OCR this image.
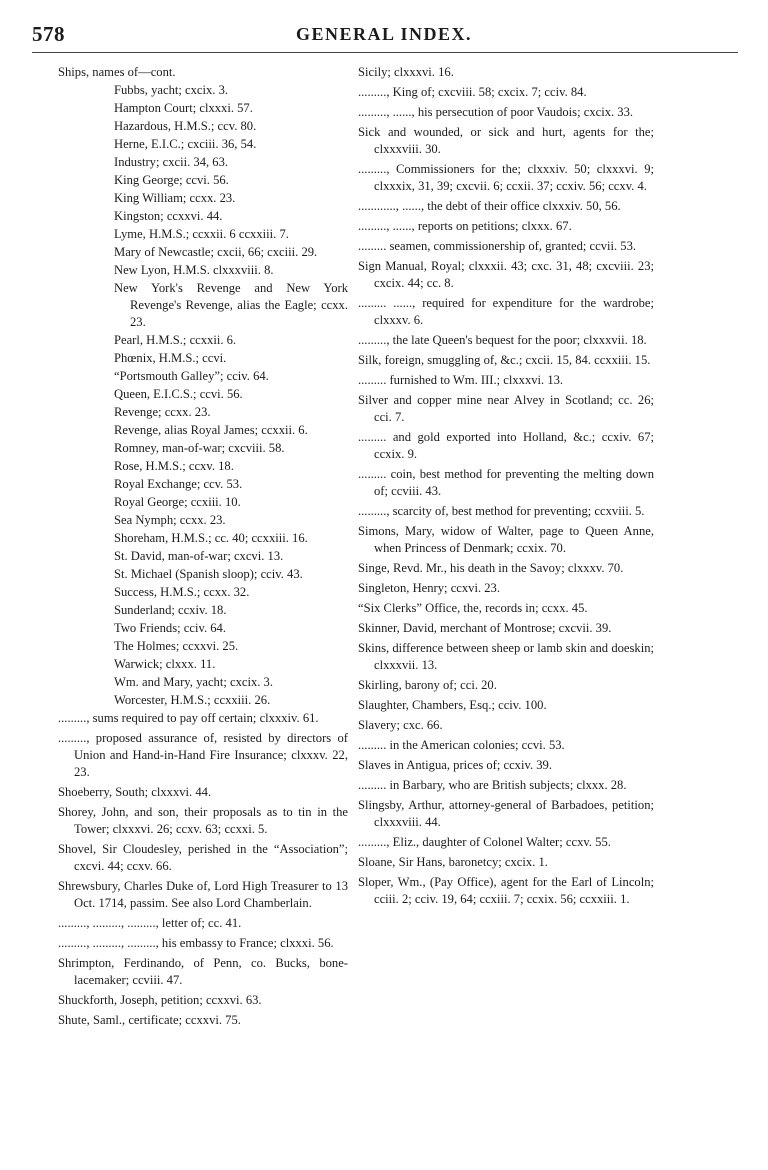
578	GENERAL INDEX.
Ships, names of—cont.
Fubbs, yacht; cxcix. 3.
Hampton Court; clxxxi. 57.
Hazardous, H.M.S.; ccv. 80.
Herne, E.I.C.; cxciii. 36, 54.
Industry; cxcii. 34, 63.
King George; ccvi. 56.
King William; ccxx. 23.
Kingston; ccxxvi. 44.
Lyme, H.M.S.; ccxxii. 6 ccxxiii. 7.
Mary of Newcastle; cxcii, 66; cxciii. 29.
New Lyon, H.M.S. clxxxviii. 8.
New York's Revenge and New York Revenge's Revenge, alias the Eagle; ccxx. 23.
Pearl, H.M.S.; ccxxii. 6.
Phœnix, H.M.S.; ccvi.
“Portsmouth Galley”; cciv. 64.
Queen, E.I.C.S.; ccvi. 56.
Revenge; ccxx. 23.
Revenge, alias Royal James; ccxxii. 6.
Romney, man-of-war; cxcviii. 58.
Rose, H.M.S.; ccxv. 18.
Royal Exchange; ccv. 53.
Royal George; ccxiii. 10.
Sea Nymph; ccxx. 23.
Shoreham, H.M.S.; cc. 40; ccxxiii. 16.
St. David, man-of-war; cxcvi. 13.
St. Michael (Spanish sloop); cciv. 43.
Success, H.M.S.; ccxx. 32.
Sunderland; ccxiv. 18.
Two Friends; cciv. 64.
The Holmes; ccxxvi. 25.
Warwick; clxxx. 11.
Wm. and Mary, yacht; cxcix. 3.
Worcester, H.M.S.; ccxxiii. 26.
........., sums required to pay off certain; clxxxiv. 61.
........., proposed assurance of, resisted by directors of Union and Hand-in-Hand Fire Insurance; clxxxv. 22, 23.
Shoeberry, South; clxxxvi. 44.
Shorey, John, and son, their proposals as to tin in the Tower; clxxxvi. 26; ccxv. 63; ccxxi. 5.
Shovel, Sir Cloudesley, perished in the “Association”; cxcvi. 44; ccxv. 66.
Shrewsbury, Charles Duke of, Lord High Treasurer to 13 Oct. 1714, passim. See also Lord Chamberlain.
........., ........., ........., letter of; cc. 41.
........., ........., ........., his embassy to France; clxxxi. 56.
Shrimpton, Ferdinando, of Penn, co. Bucks, bone-lacemaker; ccviii. 47.
Shuckforth, Joseph, petition; ccxxvi. 63.
Shute, Saml., certificate; ccxxvi. 75.
Sicily; clxxxvi. 16.
........., King of; cxcviii. 58; cxcix. 7; cciv. 84.
........., ......, his persecution of poor Vaudois; cxcix. 33.
Sick and wounded, or sick and hurt, agents for the; clxxxviii. 30.
........., Commissioners for the; clxxxiv. 50; clxxxvi. 9; clxxxix, 31, 39; cxcvii. 6; ccxii. 37; ccxiv. 56; ccxv. 4.
............, ......, the debt of their office clxxxiv. 50, 56.
........., ......, reports on petitions; clxxx. 67.
......... seamen, commissionership of, granted; ccvii. 53.
Sign Manual, Royal; clxxxii. 43; cxc. 31, 48; cxcviii. 23; cxcix. 44; cc. 8.
......... ......, required for expenditure for the wardrobe; clxxxv. 6.
........., the late Queen's bequest for the poor; clxxxvii. 18.
Silk, foreign, smuggling of, &c.; cxcii. 15, 84. ccxxiii. 15.
......... furnished to Wm. III.; clxxxvi. 13.
Silver and copper mine near Alvey in Scotland; cc. 26; cci. 7.
......... and gold exported into Holland, &c.; ccxiv. 67; ccxix. 9.
......... coin, best method for preventing the melting down of; ccviii. 43.
........., scarcity of, best method for preventing; ccxviii. 5.
Simons, Mary, widow of Walter, page to Queen Anne, when Princess of Denmark; ccxix. 70.
Singe, Revd. Mr., his death in the Savoy; clxxxv. 70.
Singleton, Henry; ccxvi. 23.
“Six Clerks” Office, the, records in; ccxx. 45.
Skinner, David, merchant of Montrose; cxcvii. 39.
Skins, difference between sheep or lamb skin and doeskin; clxxxvii. 13.
Skirling, barony of; cci. 20.
Slaughter, Chambers, Esq.; cciv. 100.
Slavery; cxc. 66.
......... in the American colonies; ccvi. 53.
Slaves in Antigua, prices of; ccxiv. 39.
......... in Barbary, who are British subjects; clxxx. 28.
Slingsby, Arthur, attorney-general of Barbadoes, petition; clxxxviii. 44.
........., Eliz., daughter of Colonel Walter; ccxv. 55.
Sloane, Sir Hans, baronetcy; cxcix. 1.
Sloper, Wm., (Pay Office), agent for the Earl of Lincoln; cciii. 2; cciv. 19, 64; ccxiii. 7; ccxix. 56; ccxxiii. 1.
